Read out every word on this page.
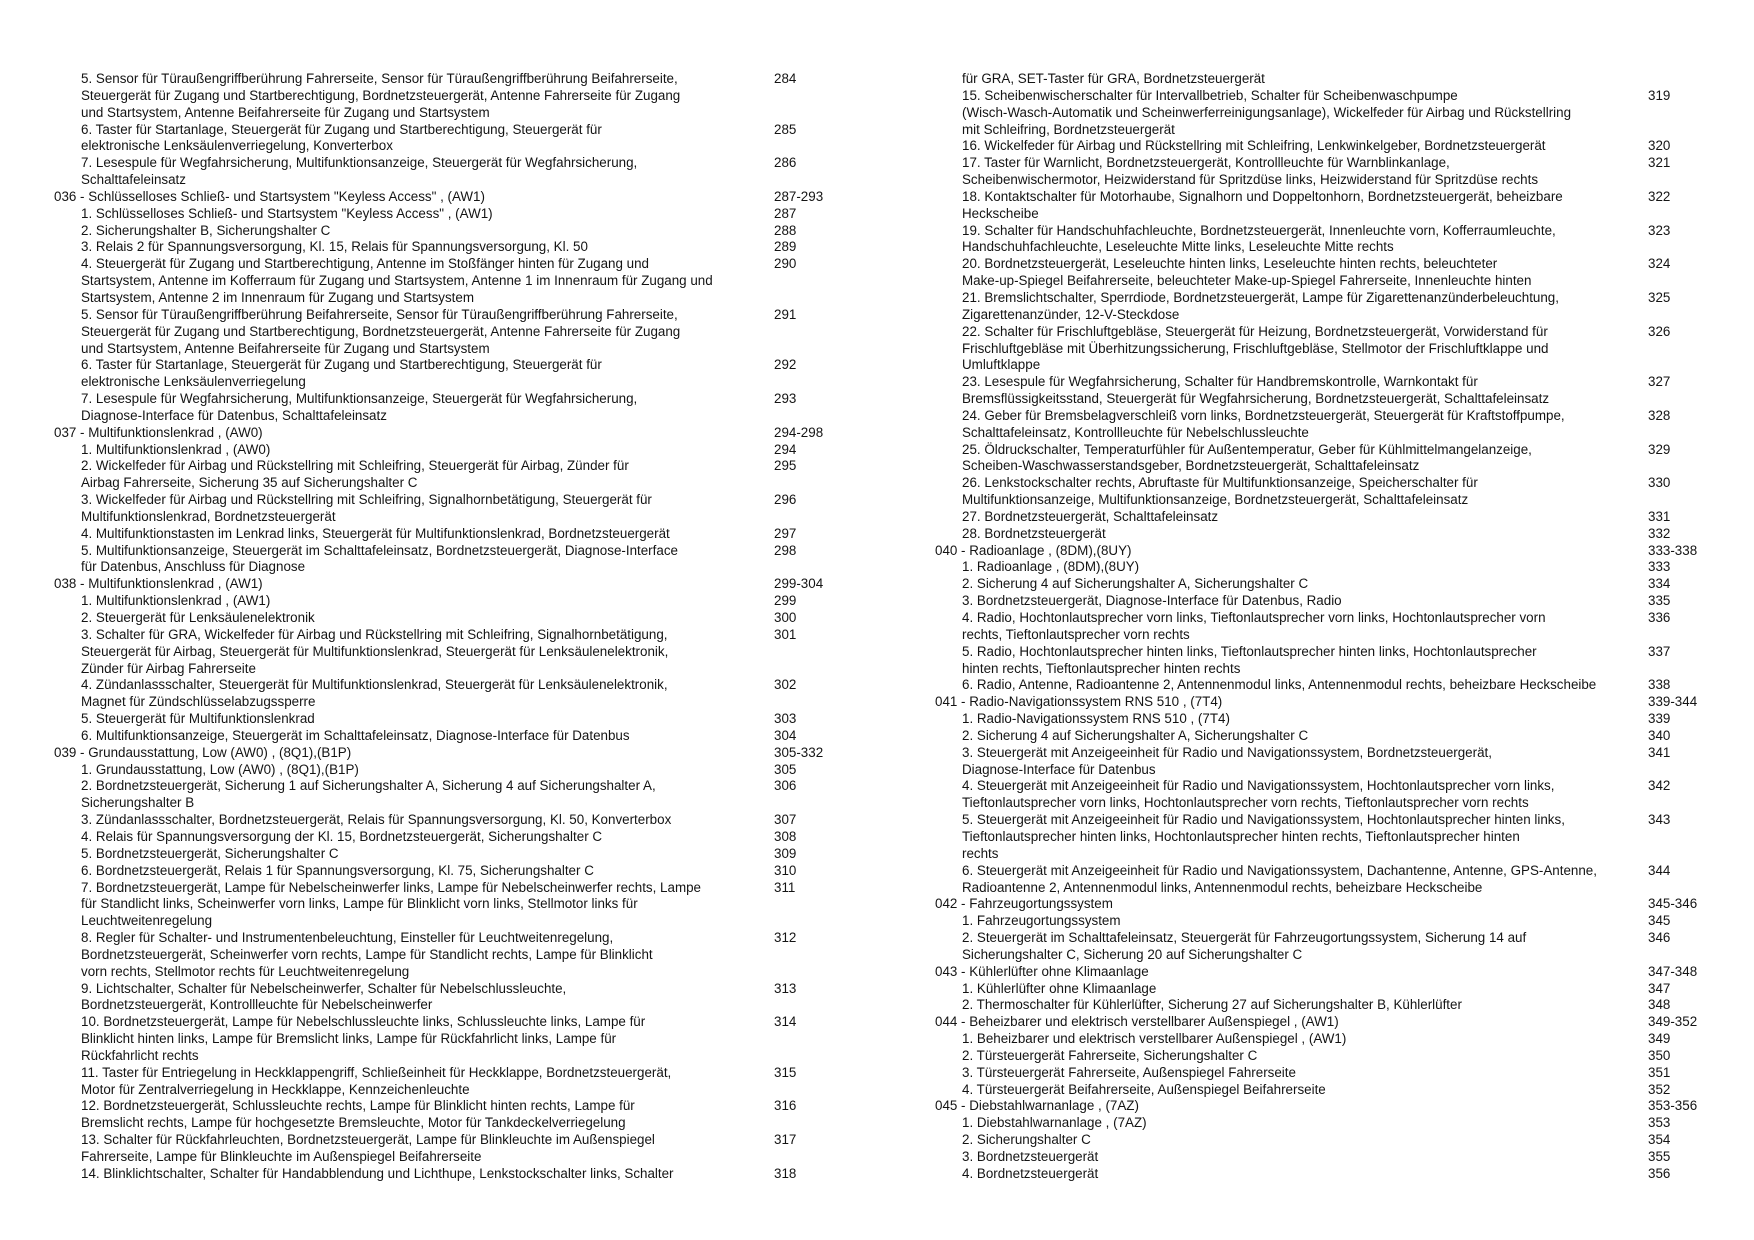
5. Sensor für Türaußengriffberührung Fahrerseite, Sensor für Türaußengriffberührung Beifahrerseite,
Steuergerät für Zugang und Startberechtigung, Bordnetzsteuergerät, Antenne Fahrerseite für Zugang
und Startsystem, Antenne Beifahrerseite für Zugang und Startsystem
284
6. Taster für Startanlage, Steuergerät für Zugang und Startberechtigung, Steuergerät für
elektronische Lenksäulenverriegelung, Konverterbox
285
7. Lesespule für Wegfahrsicherung, Multifunktionsanzeige, Steuergerät für Wegfahrsicherung,
Schalttafeleinsatz
286
036 - Schlüsselloses Schließ- und Startsystem "Keyless Access" , (AW1)	287-293
1. Schlüsselloses Schließ- und Startsystem "Keyless Access" , (AW1)	287
2. Sicherungshalter B, Sicherungshalter C	288
3. Relais 2 für Spannungsversorgung, Kl. 15, Relais für Spannungsversorgung, Kl. 50	289
4. Steuergerät für Zugang und Startberechtigung, Antenne im Stoßfänger hinten für Zugang und
Startsystem, Antenne im Kofferraum für Zugang und Startsystem, Antenne 1 im Innenraum für Zugang und
Startsystem, Antenne 2 im Innenraum für Zugang und Startsystem
290
5. Sensor für Türaußengriffberührung Beifahrerseite, Sensor für Türaußengriffberührung Fahrerseite,
Steuergerät für Zugang und Startberechtigung, Bordnetzsteuergerät, Antenne Fahrerseite für Zugang
und Startsystem, Antenne Beifahrerseite für Zugang und Startsystem
291
6. Taster für Startanlage, Steuergerät für Zugang und Startberechtigung, Steuergerät für
elektronische Lenksäulenverriegelung
292
7. Lesespule für Wegfahrsicherung, Multifunktionsanzeige, Steuergerät für Wegfahrsicherung,
Diagnose-Interface für Datenbus, Schalttafeleinsatz
293
037 - Multifunktionslenkrad , (AW0)	294-298
1. Multifunktionslenkrad , (AW0)	294
2. Wickelfeder für Airbag und Rückstellring mit Schleifring, Steuergerät für Airbag, Zünder für
Airbag Fahrerseite, Sicherung 35 auf Sicherungshalter C
295
3. Wickelfeder für Airbag und Rückstellring mit Schleifring, Signalhornbetätigung, Steuergerät für
Multifunktionslenkrad, Bordnetzsteuergerät
296
4. Multifunktionstasten im Lenkrad links, Steuergerät für Multifunktionslenkrad, Bordnetzsteuergerät	297
5. Multifunktionsanzeige, Steuergerät im Schalttafeleinsatz, Bordnetzsteuergerät, Diagnose-Interface
für Datenbus, Anschluss für Diagnose
298
038 - Multifunktionslenkrad , (AW1)	299-304
1. Multifunktionslenkrad , (AW1)	299
2. Steuergerät für Lenksäulenelektronik	300
3. Schalter für GRA, Wickelfeder für Airbag und Rückstellring mit Schleifring, Signalhornbetätigung,
Steuergerät für Airbag, Steuergerät für Multifunktionslenkrad, Steuergerät für Lenksäulenelektronik,
Zünder für Airbag Fahrerseite
301
4. Zündanlassschalter, Steuergerät für Multifunktionslenkrad, Steuergerät für Lenksäulenelektronik,
Magnet für Zündschlüsselabzugssperre
302
5. Steuergerät für Multifunktionslenkrad	303
6. Multifunktionsanzeige, Steuergerät im Schalttafeleinsatz, Diagnose-Interface für Datenbus	304
039 - Grundausstattung, Low (AW0) , (8Q1),(B1P)	305-332
1. Grundausstattung, Low (AW0) , (8Q1),(B1P)	305
2. Bordnetzsteuergerät, Sicherung 1 auf Sicherungshalter A, Sicherung 4 auf Sicherungshalter A,
Sicherungshalter B
306
3. Zündanlassschalter, Bordnetzsteuergerät, Relais für Spannungsversorgung, Kl. 50, Konverterbox	307
4. Relais für Spannungsversorgung der Kl. 15, Bordnetzsteuergerät, Sicherungshalter C	308
5. Bordnetzsteuergerät, Sicherungshalter C	309
6. Bordnetzsteuergerät, Relais 1 für Spannungsversorgung, Kl. 75, Sicherungshalter C	310
7. Bordnetzsteuergerät, Lampe für Nebelscheinwerfer links, Lampe für Nebelscheinwerfer rechts, Lampe
für Standlicht links, Scheinwerfer vorn links, Lampe für Blinklicht vorn links, Stellmotor links für
Leuchtweitenregelung
311
8. Regler für Schalter- und Instrumentenbeleuchtung, Einsteller für Leuchtweitenregelung,
Bordnetzsteuergerät, Scheinwerfer vorn rechts, Lampe für Standlicht rechts, Lampe für Blinklicht
vorn rechts, Stellmotor rechts für Leuchtweitenregelung
312
9. Lichtschalter, Schalter für Nebelscheinwerfer, Schalter für Nebelschlussleuchte,
Bordnetzsteuergerät, Kontrollleuchte für Nebelscheinwerfer
313
10. Bordnetzsteuergerät, Lampe für Nebelschlussleuchte links, Schlussleuchte links, Lampe für
Blinklicht hinten links, Lampe für Bremslicht links, Lampe für Rückfahrlicht links, Lampe für
Rückfahrlicht rechts
314
11. Taster für Entriegelung in Heckklappengriff, Schließeinheit für Heckklappe, Bordnetzsteuergerät,
Motor für Zentralverriegelung in Heckklappe, Kennzeichenleuchte
315
12. Bordnetzsteuergerät, Schlussleuchte rechts, Lampe für Blinklicht hinten rechts, Lampe für
Bremslicht rechts, Lampe für hochgesetzte Bremsleuchte, Motor für Tankdeckelverriegelung
316
13. Schalter für Rückfahrleuchten, Bordnetzsteuergerät, Lampe für Blinkleuchte im Außenspiegel
Fahrerseite, Lampe für Blinkleuchte im Außenspiegel Beifahrerseite
317
14. Blinklichtschalter, Schalter für Handabblendung und Lichthupe, Lenkstockschalter links, Schalter	318
für GRA, SET-Taster für GRA, Bordnetzsteuergerät
15. Scheibenwischerschalter für Intervallbetrieb, Schalter für Scheibenwaschpumpe
(Wisch-Wasch-Automatik und Scheinwerferreinigungsanlage), Wickelfeder für Airbag und Rückstellring
mit Schleifring, Bordnetzsteuergerät
319
16. Wickelfeder für Airbag und Rückstellring mit Schleifring, Lenkwinkelgeber, Bordnetzsteuergerät	320
17. Taster für Warnlicht, Bordnetzsteuergerät, Kontrollleuchte für Warnblinkanlage,
Scheibenwischermotor, Heizwiderstand für Spritzdüse links, Heizwiderstand für Spritzdüse rechts
321
18. Kontaktschalter für Motorhaube, Signalhorn und Doppeltonhorn, Bordnetzsteuergerät, beheizbare
Heckscheibe
322
19. Schalter für Handschuhfachleuchte, Bordnetzsteuergerät, Innenleuchte vorn, Kofferraumleuchte,
Handschuhfachleuchte, Leseleuchte Mitte links, Leseleuchte Mitte rechts
323
20. Bordnetzsteuergerät, Leseleuchte hinten links, Leseleuchte hinten rechts, beleuchteter
Make-up-Spiegel Beifahrerseite, beleuchteter Make-up-Spiegel Fahrerseite, Innenleuchte hinten
324
21. Bremslichtschalter, Sperrdiode, Bordnetzsteuergerät, Lampe für Zigarettenanzünderbeleuchtung,
Zigarettenanzünder, 12-V-Steckdose
325
22. Schalter für Frischluftgebläse, Steuergerät für Heizung, Bordnetzsteuergerät, Vorwiderstand für
Frischluftgebläse mit Überhitzungssicherung, Frischluftgebläse, Stellmotor der Frischluftklappe und
Umluftklappe
326
23. Lesespule für Wegfahrsicherung, Schalter für Handbremskontrolle, Warnkontakt für
Bremsflüssigkeitsstand, Steuergerät für Wegfahrsicherung, Bordnetzsteuergerät, Schalttafeleinsatz
327
24. Geber für Bremsbelagverschleiß vorn links, Bordnetzsteuergerät, Steuergerät für Kraftstoffpumpe,
Schalttafeleinsatz, Kontrollleuchte für Nebelschlussleuchte
328
25. Öldruckschalter, Temperaturfühler für Außentemperatur, Geber für Kühlmittelmangelanzeige,
Scheiben-Waschwasserstandsgeber, Bordnetzsteuergerät, Schalttafeleinsatz
329
26. Lenkstockschalter rechts, Abruftaste für Multifunktionsanzeige, Speicherschalter für
Multifunktionsanzeige, Multifunktionsanzeige, Bordnetzsteuergerät, Schalttafeleinsatz
330
27. Bordnetzsteuergerät, Schalttafeleinsatz	331
28. Bordnetzsteuergerät	332
040 - Radioanlage , (8DM),(8UY)	333-338
1. Radioanlage , (8DM),(8UY)	333
2. Sicherung 4 auf Sicherungshalter A, Sicherungshalter C	334
3. Bordnetzsteuergerät, Diagnose-Interface für Datenbus, Radio	335
4. Radio, Hochtonlautsprecher vorn links, Tieftonlautsprecher vorn links, Hochtonlautsprecher vorn
rechts, Tieftonlautsprecher vorn rechts
336
5. Radio, Hochtonlautsprecher hinten links, Tieftonlautsprecher hinten links, Hochtonlautsprecher
hinten rechts, Tieftonlautsprecher hinten rechts
337
6. Radio, Antenne, Radioantenne 2, Antennenmodul links, Antennenmodul rechts, beheizbare Heckscheibe	338
041 - Radio-Navigationssystem RNS 510 , (7T4)	339-344
1. Radio-Navigationssystem RNS 510 , (7T4)	339
2. Sicherung 4 auf Sicherungshalter A, Sicherungshalter C	340
3. Steuergerät mit Anzeigeeinheit für Radio und Navigationssystem, Bordnetzsteuergerät,
Diagnose-Interface für Datenbus
341
4. Steuergerät mit Anzeigeeinheit für Radio und Navigationssystem, Hochtonlautsprecher vorn links,
Tieftonlautsprecher vorn links, Hochtonlautsprecher vorn rechts, Tieftonlautsprecher vorn rechts
342
5. Steuergerät mit Anzeigeeinheit für Radio und Navigationssystem, Hochtonlautsprecher hinten links,
Tieftonlautsprecher hinten links, Hochtonlautsprecher hinten rechts, Tieftonlautsprecher hinten
rechts
343
6. Steuergerät mit Anzeigeeinheit für Radio und Navigationssystem, Dachantenne, Antenne, GPS-Antenne,
Radioantenne 2, Antennenmodul links, Antennenmodul rechts, beheizbare Heckscheibe
344
042 - Fahrzeugortungssystem	345-346
1. Fahrzeugortungssystem	345
2. Steuergerät im Schalttafeleinsatz, Steuergerät für Fahrzeugortungssystem, Sicherung 14 auf
Sicherungshalter C, Sicherung 20 auf Sicherungshalter C
346
043 - Kühlerlüfter ohne Klimaanlage	347-348
1. Kühlerlüfter ohne Klimaanlage	347
2. Thermoschalter für Kühlerlüfter, Sicherung 27 auf Sicherungshalter B, Kühlerlüfter	348
044 - Beheizbarer und elektrisch verstellbarer Außenspiegel , (AW1)	349-352
1. Beheizbarer und elektrisch verstellbarer Außenspiegel , (AW1)	349
2. Türsteuergerät Fahrerseite, Sicherungshalter C	350
3. Türsteuergerät Fahrerseite, Außenspiegel Fahrerseite	351
4. Türsteuergerät Beifahrerseite, Außenspiegel Beifahrerseite	352
045 - Diebstahlwarnanlage , (7AZ)	353-356
1. Diebstahlwarnanlage , (7AZ)	353
2. Sicherungshalter C	354
3. Bordnetzsteuergerät	355
4. Bordnetzsteuergerät	356
